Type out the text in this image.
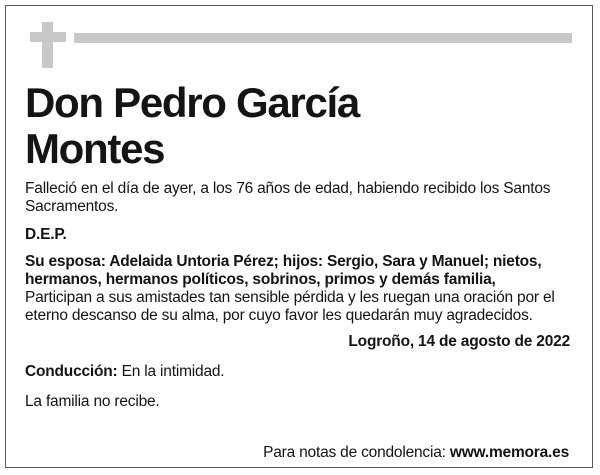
Don Pedro García
Montes

Falleció en el día de ayer, a los 76 años de edad, habiendo recibido los Santos Sacramentos.

D.E.P.

Su esposa: Adelaida Untoria Pérez; hijos: Sergio, Sara y Manuel; nietos, hermanos, hermanos políticos, sobrinos, primos y demás familia,

Participan a sus amistades tan sensible pérdida y les ruegan una oración por el eterno descanso de su alma, por cuyo favor les quedarán muy agradecidos.

Logroño, 14 de agosto de 2022

Conducción: En la intimidad.

La familia no recibe.

Para notas de condolencia: www.memora.es
